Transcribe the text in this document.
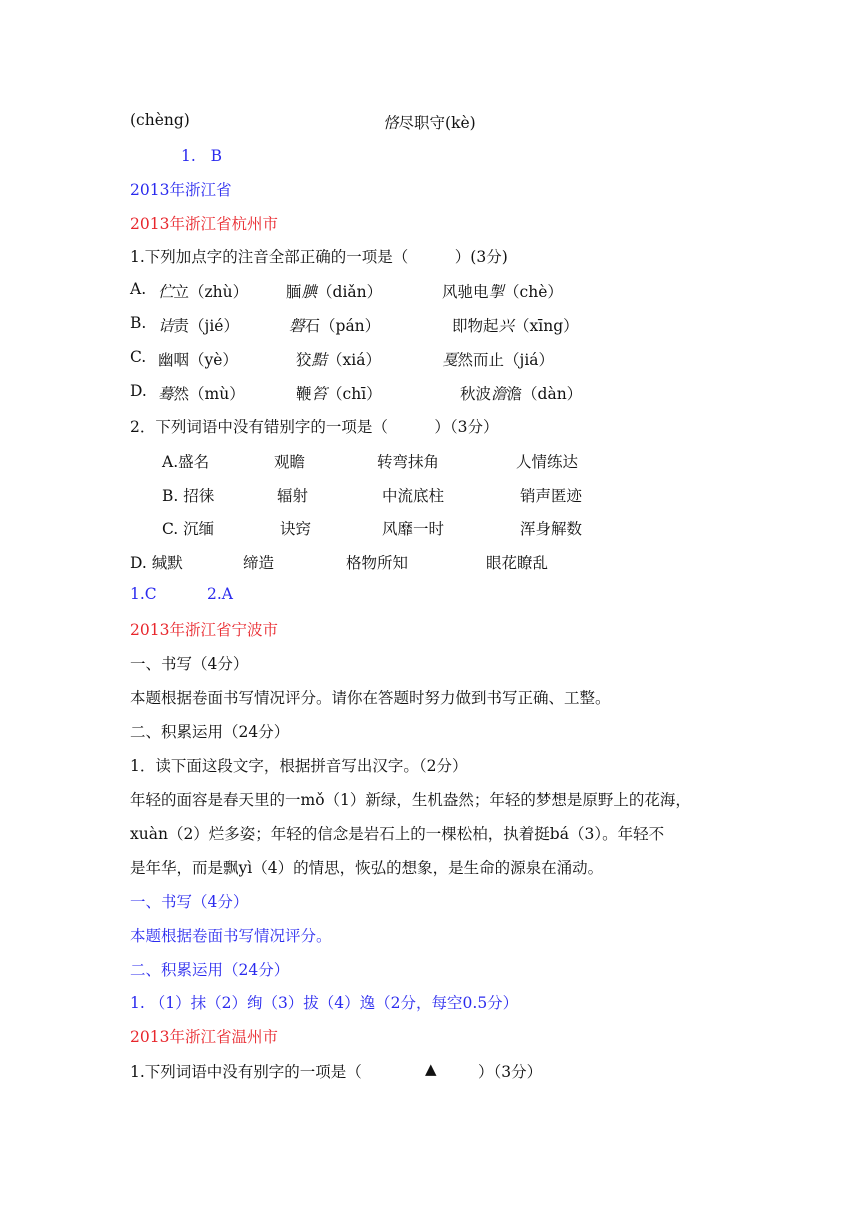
(chèng)	恪尽职守(kè)
1.   B
2013年浙江省
2013年浙江省杭州市
1.下列加点字的注音全部正确的一项是（　　　）(3分)
A. 伫立（zhù） 腼腆（diǎn）	风驰电掣（chè）
B. 诘责（jié）	磐石（pán）	即物起兴（xīng）
C. 幽咽（yè）	狡黠（xiá）	戛然而止（jiá）
D. 蓦然（mù）	鞭笞（chī）	秋波澹澹（dàn）
2．下列词语中没有错别字的一项是（　　　）（3分）
A.盛名	观瞻	转弯抹角	人情练达
B. 招徕	辐射	中流底柱	销声匿迹
C. 沉缅	诀窍	风靡一时	浑身解数
D. 缄默	缔造	格物所知	眼花瞭乱
1.C	2.A
2013年浙江省宁波市
一、书写（4分）
本题根据卷面书写情况评分。请你在答题时努力做到书写正确、工整。
二、积累运用（24分）
1．读下面这段文字，根据拼音写出汉字。（2分）
年轻的面容是春天里的一mǒ（1）新绿，生机盎然；年轻的梦想是原野上的花海，
xuàn（2）烂多姿；年轻的信念是岩石上的一棵松柏，执着挺bá（3）。年轻不
是年华，而是飘yì（4）的情思，恢弘的想象，是生命的源泉在涌动。
一、书写（4分）
本题根据卷面书写情况评分。
二、积累运用（24分）
1. （1）抹（2）绚（3）拔（4）逸（2分，每空0.5分）
2013年浙江省温州市
1.下列词语中没有别字的一项是（	▲	）（3分）
